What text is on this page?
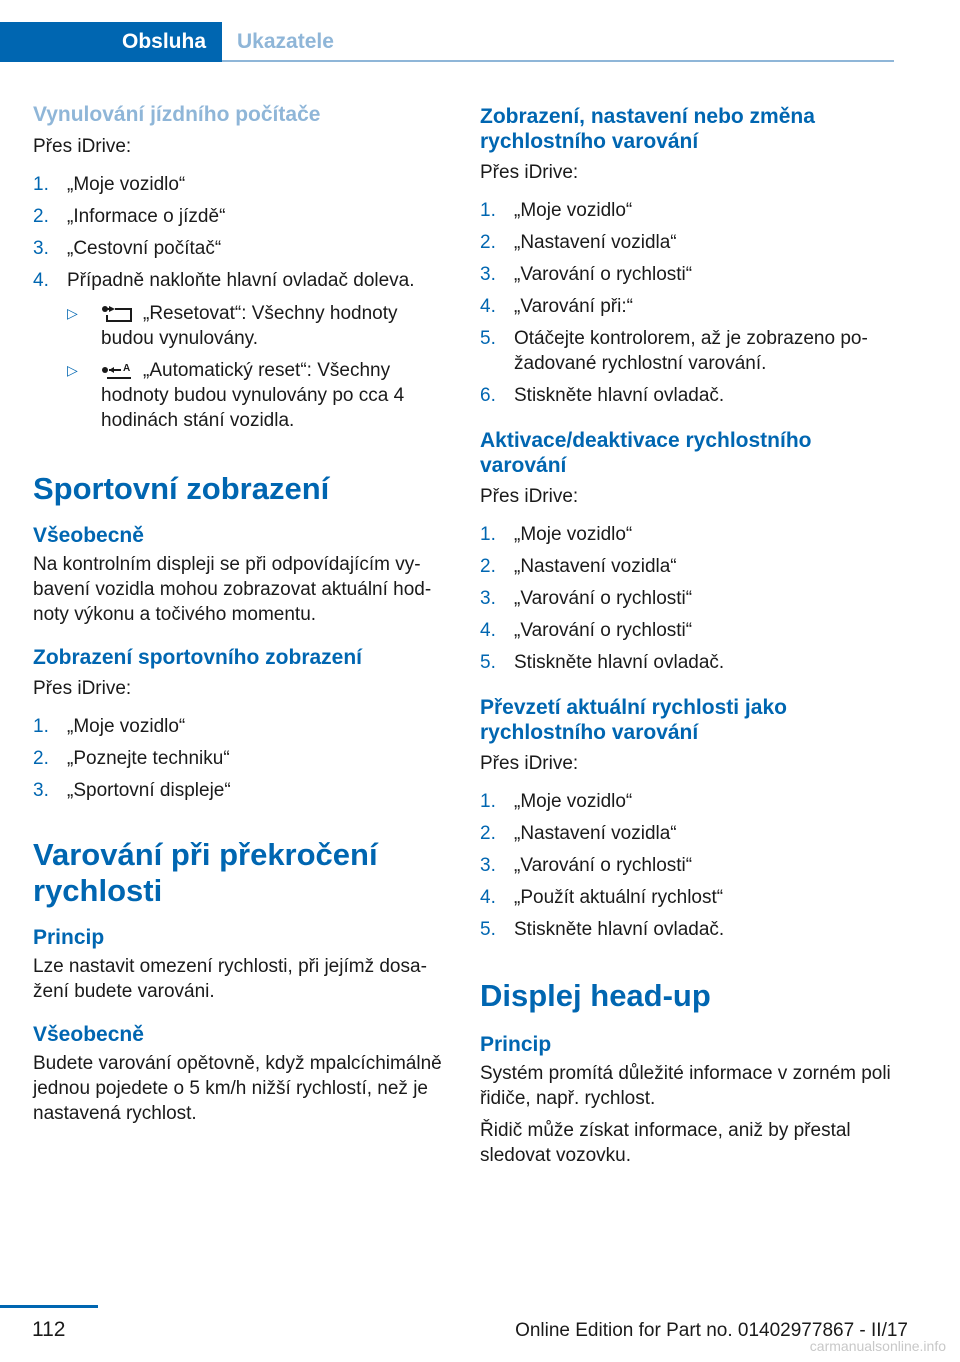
Obsluha	Ukazatele

Vynulování jízdního počítače

Přes iDrive:

1. „Moje vozidlo“
2. „Informace o jízdě“
3. „Cestovní počítač“
4. Případně nakloňte hlavní ovladač doleva.
▷	„Resetovat“: Všechny hodnoty budou vynulovány.
▷	A „Automatický reset“: Všechny hodnoty budou vynulovány po cca 4 hodinách stání vozidla.

Sportovní zobrazení

Všeobecně

Na kontrolním displeji se při odpovídajícím vybavení vozidla mohou zobrazovat aktuální hodnoty výkonu a točivého momentu.

Zobrazení sportovního zobrazení

Přes iDrive:

1. „Moje vozidlo“
2. „Poznejte techniku“
3. „Sportovní displeje“

Varování při překročení rychlosti

Princip

Lze nastavit omezení rychlosti, při jejímž dosažení budete varováni.

Všeobecně

Budete varování opětovně, když mpalcíchimálně jednou pojedete o 5 km/h nižší rychlostí, než je nastavená rychlost.

Zobrazení, nastavení nebo změna rychlostního varování

Přes iDrive:

1. „Moje vozidlo“
2. „Nastavení vozidla“
3. „Varování o rychlosti“
4. „Varování při:“
5. Otáčejte kontrolorem, až je zobrazeno požadované rychlostní varování.
6. Stiskněte hlavní ovladač.

Aktivace/deaktivace rychlostního varování

Přes iDrive:

1. „Moje vozidlo“
2. „Nastavení vozidla“
3. „Varování o rychlosti“
4. „Varování o rychlosti“
5. Stiskněte hlavní ovladač.

Převzetí aktuální rychlosti jako rychlostního varování

Přes iDrive:

1. „Moje vozidlo“
2. „Nastavení vozidla“
3. „Varování o rychlosti“
4. „Použít aktuální rychlost“
5. Stiskněte hlavní ovladač.

Displej head-up

Princip

Systém promítá důležité informace v zorném poli řidiče, např. rychlost.

Řidič může získat informace, aniž by přestal sledovat vozovku.

112	Online Edition for Part no. 01402977867 - II/17
carmanualsonline.info
